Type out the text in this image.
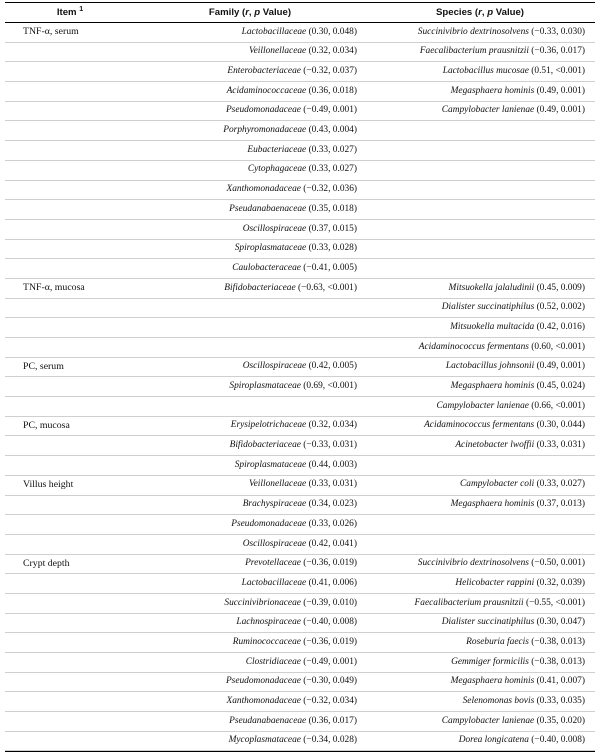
Item $^1$	Family (r, p Value)	Species (r, p Value)
TNF-α, serum	Lactobacillaceae (0.30, 0.048)	Succinivibrio dextrinosolvens (−0.33, 0.030)
	Veillonellaceae (0.32, 0.034)	Faecalibacterium prausnitzii (−0.36, 0.017)
	Enterobacteriaceae (−0.32, 0.037)	Lactobacillus mucosae (0.51, <0.001)
	Acidaminococcaceae (0.36, 0.018)	Megasphaera hominis (0.49, 0.001)
	Pseudomonadaceae (−0.49, 0.001)	Campylobacter lanienae (0.49, 0.001)
	Porphyromonadaceae (0.43, 0.004)	
	Eubacteriaceae (0.33, 0.027)	
	Cytophagaceae (0.33, 0.027)	
	Xanthomonadaceae (−0.32, 0.036)	
	Pseudanabaenaceae (0.35, 0.018)	
	Oscillospiraceae (0.37, 0.015)	
	Spiroplasmataceae (0.33, 0.028)	
	Caulobacteraceae (−0.41, 0.005)	
TNF-α, mucosa	Bifidobacteriaceae (−0.63, <0.001)	Mitsuokella jalaludinii (0.45, 0.009)
		Dialister succinatiphilus (0.52, 0.002)
		Mitsuokella multacida (0.42, 0.016)
		Acidaminococcus fermentans (0.60, <0.001)
PC, serum	Oscillospiraceae (0.42, 0.005)	Lactobacillus johnsonii (0.49, 0.001)
	Spiroplasmataceae (0.69, <0.001)	Megasphaera hominis (0.45, 0.024)
		Campylobacter lanienae (0.66, <0.001)
PC, mucosa	Erysipelotrichaceae (0.32, 0.034)	Acidaminococcus fermentans (0.30, 0.044)
	Bifidobacteriaceae (−0.33, 0.031)	Acinetobacter lwoffii (0.33, 0.031)
	Spiroplasmataceae (0.44, 0.003)	
Villus height	Veillonellaceae (0.33, 0.031)	Campylobacter coli (0.33, 0.027)
	Brachyspiraceae (0.34, 0.023)	Megasphaera hominis (0.37, 0.013)
	Pseudomonadaceae (0.33, 0.026)	
	Oscillospiraceae (0.42, 0.041)	
Crypt depth	Prevotellaceae (−0.36, 0.019)	Succinivibrio dextrinosolvens (−0.50, 0.001)
	Lactobacillaceae (0.41, 0.006)	Helicobacter rappini (0.32, 0.039)
	Succinivibrionaceae (−0.39, 0.010)	Faecalibacterium prausnitzii (−0.55, <0.001)
	Lachnospiraceae (−0.40, 0.008)	Dialister succinatiphilus (0.30, 0.047)
	Ruminococcaceae (−0.36, 0.019)	Roseburia faecis (−0.38, 0.013)
	Clostridiaceae (−0.49, 0.001)	Gemmiger formicilis (−0.38, 0.013)
	Pseudomonadaceae (−0.30, 0.049)	Megasphaera hominis (0.41, 0.007)
	Xanthomonadaceae (−0.32, 0.034)	Selenomonas bovis (0.33, 0.035)
	Pseudanabaenaceae (0.36, 0.017)	Campylobacter lanienae (0.35, 0.020)
	Mycoplasmataceae (−0.34, 0.028)	Dorea longicatena (−0.40, 0.008)
